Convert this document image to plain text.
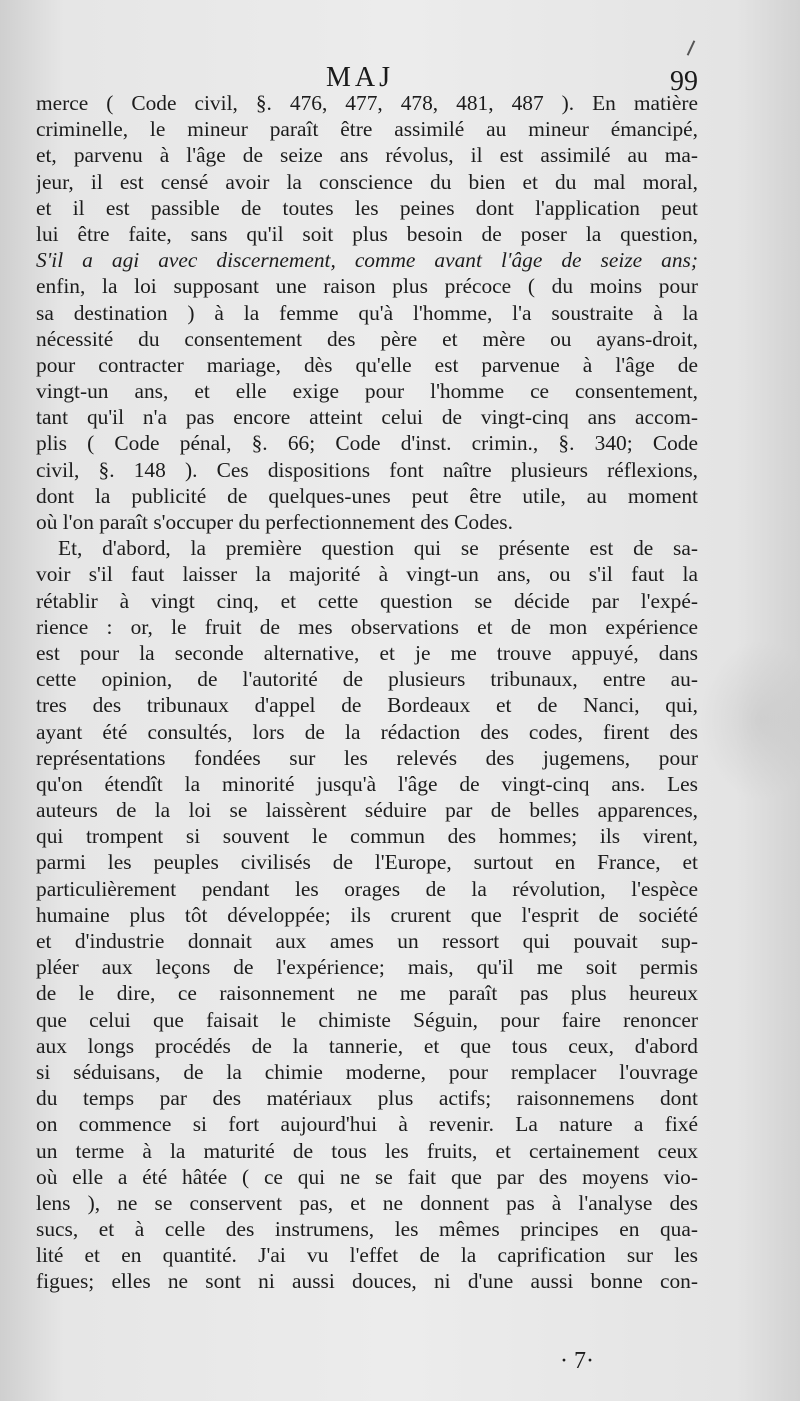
MAJ	99
merce ( Code civil, §. 476, 477, 478, 481, 487 ). En matière
criminelle, le mineur paraît être assimilé au mineur émancipé,
et, parvenu à l'âge de seize ans révolus, il est assimilé au ma-
jeur, il est censé avoir la conscience du bien et du mal moral,
et il est passible de toutes les peines dont l'application peut
lui être faite, sans qu'il soit plus besoin de poser la question,
S'il a agi avec discernement, comme avant l'âge de seize ans;
enfin, la loi supposant une raison plus précoce ( du moins pour
sa destination ) à la femme qu'à l'homme, l'a soustraite à la
nécessité du consentement des père et mère ou ayans-droit,
pour contracter mariage, dès qu'elle est parvenue à l'âge de
vingt-un ans, et elle exige pour l'homme ce consentement,
tant qu'il n'a pas encore atteint celui de vingt-cinq ans accom-
plis ( Code pénal, §. 66; Code d'inst. crimin., §. 340; Code
civil, §. 148 ). Ces dispositions font naître plusieurs réflexions,
dont la publicité de quelques-unes peut être utile, au moment
où l'on paraît s'occuper du perfectionnement des Codes.
Et, d'abord, la première question qui se présente est de sa-
voir s'il faut laisser la majorité à vingt-un ans, ou s'il faut la
rétablir à vingt cinq, et cette question se décide par l'expé-
rience : or, le fruit de mes observations et de mon expérience
est pour la seconde alternative, et je me trouve appuyé, dans
cette opinion, de l'autorité de plusieurs tribunaux, entre au-
tres des tribunaux d'appel de Bordeaux et de Nanci, qui,
ayant été consultés, lors de la rédaction des codes, firent des
représentations fondées sur les relevés des jugemens, pour
qu'on étendît la minorité jusqu'à l'âge de vingt-cinq ans. Les
auteurs de la loi se laissèrent séduire par de belles apparences,
qui trompent si souvent le commun des hommes; ils virent,
parmi les peuples civilisés de l'Europe, surtout en France, et
particulièrement pendant les orages de la révolution, l'espèce
humaine plus tôt développée; ils crurent que l'esprit de société
et d'industrie donnait aux ames un ressort qui pouvait sup-
pléer aux leçons de l'expérience; mais, qu'il me soit permis
de le dire, ce raisonnement ne me paraît pas plus heureux
que celui que faisait le chimiste Séguin, pour faire renoncer
aux longs procédés de la tannerie, et que tous ceux, d'abord
si séduisans, de la chimie moderne, pour remplacer l'ouvrage
du temps par des matériaux plus actifs; raisonnemens dont
on commence si fort aujourd'hui à revenir. La nature a fixé
un terme à la maturité de tous les fruits, et certainement ceux
où elle a été hâtée ( ce qui ne se fait que par des moyens vio-
lens ), ne se conservent pas, et ne donnent pas à l'analyse des
sucs, et à celle des instrumens, les mêmes principes en qua-
lité et en quantité. J'ai vu l'effet de la caprification sur les
figues; elles ne sont ni aussi douces, ni d'une aussi bonne con-
· 7·
